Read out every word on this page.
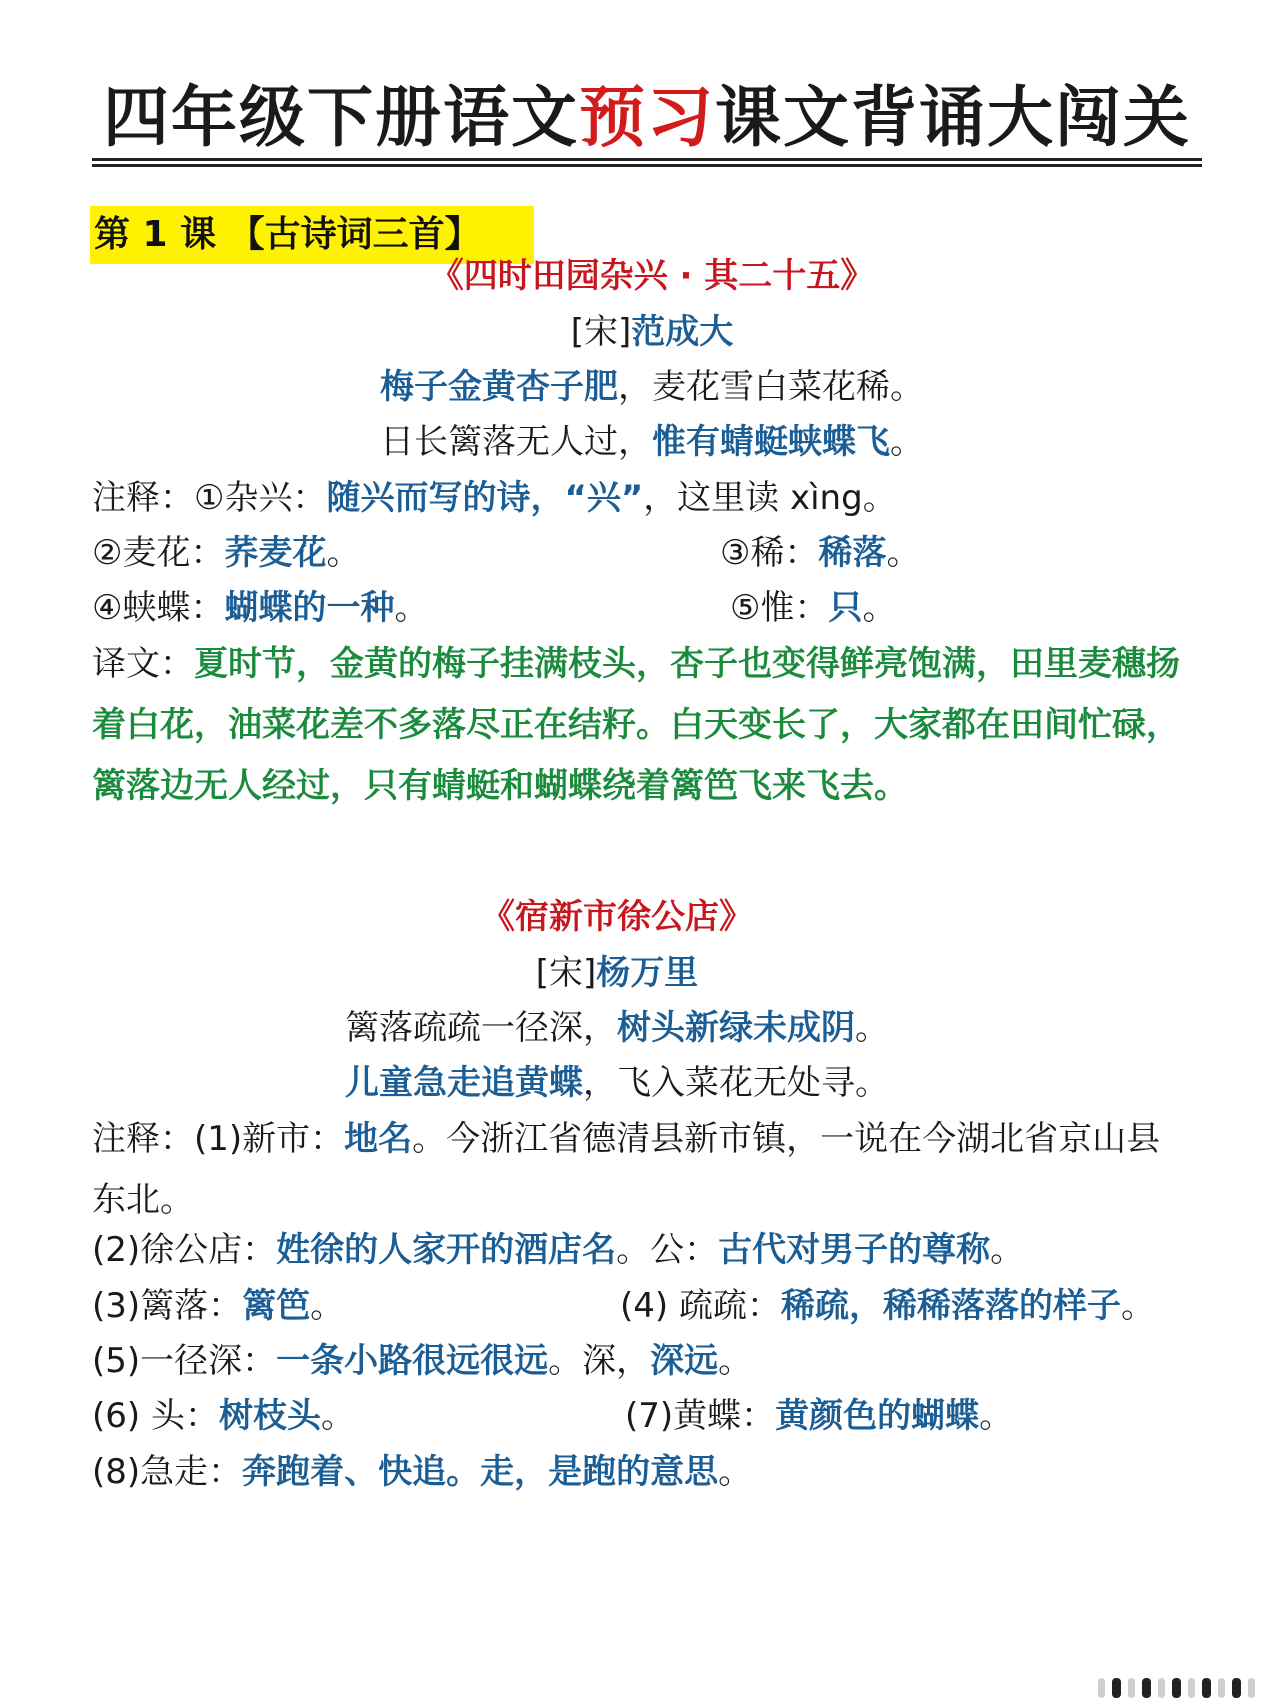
四年级下册语文预习课文背诵大闯关
第 1 课 【古诗词三首】
《四时田园杂兴 · 其二十五》
[宋]范成大
梅子金黄杏子肥，麦花雪白菜花稀。
日长篱落无人过，惟有蜻蜓蛱蝶飞。
注释：①杂兴：随兴而写的诗，“兴”，这里读 xìng。
②麦花：荞麦花。	③稀：稀落。
④蛱蝶：蝴蝶的一种。	⑤惟：只。
译文：夏时节，金黄的梅子挂满枝头，杏子也变得鲜亮饱满，田里麦穗扬着白花，油菜花差不多落尽正在结籽。白天变长了，大家都在田间忙碌，篱落边无人经过，只有蜻蜓和蝴蝶绕着篱笆飞来飞去。
《宿新市徐公店》
[宋]杨万里
篱落疏疏一径深，树头新绿未成阴。
儿童急走追黄蝶，飞入菜花无处寻。
注释：(1)新市：地名。今浙江省德清县新市镇，一说在今湖北省京山县东北。
(2)徐公店：姓徐的人家开的酒店名。公：古代对男子的尊称。
(3)篱落：篱笆。	(4) 疏疏：稀疏，稀稀落落的样子。
(5)一径深：一条小路很远很远。深，深远。
(6) 头：树枝头。	(7)黄蝶：黄颜色的蝴蝶。
(8)急走：奔跑着、快追。走，是跑的意思。
